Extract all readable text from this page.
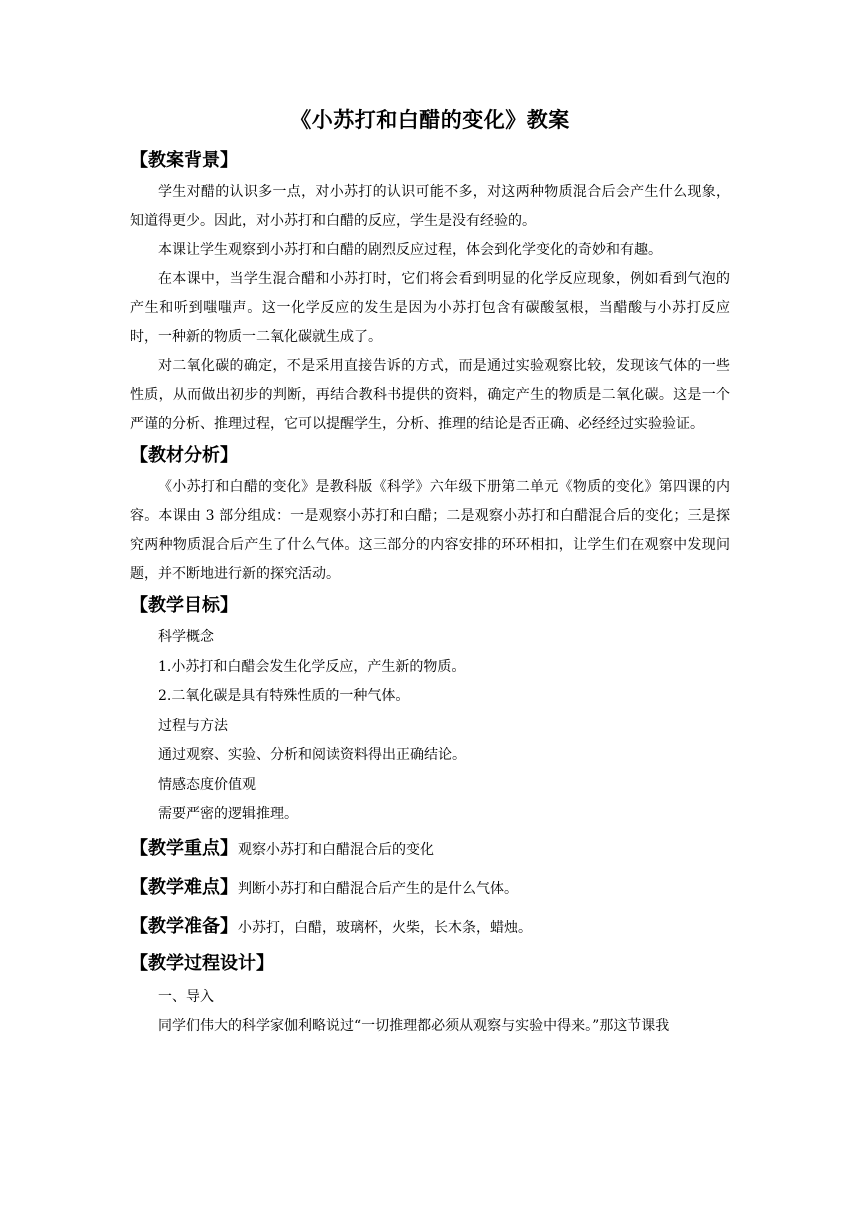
《小苏打和白醋的变化》教案
【教案背景】

学生对醋的认识多一点，对小苏打的认识可能不多，对这两种物质混合后会产生什么现象，知道得更少。因此，对小苏打和白醋的反应，学生是没有经验的。

本课让学生观察到小苏打和白醋的剧烈反应过程，体会到化学变化的奇妙和有趣。

在本课中，当学生混合醋和小苏打时，它们将会看到明显的化学反应现象，例如看到气泡的产生和听到嗤嗤声。这一化学反应的发生是因为小苏打包含有碳酸氢根，当醋酸与小苏打反应时，一种新的物质一二氧化碳就生成了。

对二氧化碳的确定，不是采用直接告诉的方式，而是通过实验观察比较，发现该气体的一些性质，从而做出初步的判断，再结合教科书提供的资料，确定产生的物质是二氧化碳。这是一个严谨的分析、推理过程，它可以提醒学生，分析、推理的结论是否正确、必经经过实验验证。

【教材分析】

《小苏打和白醋的变化》是教科版《科学》六年级下册第二单元《物质的变化》第四课的内容。本课由 3 部分组成：一是观察小苏打和白醋；二是观察小苏打和白醋混合后的变化；三是探究两种物质混合后产生了什么气体。这三部分的内容安排的环环相扣，让学生们在观察中发现问题，并不断地进行新的探究活动。

【教学目标】

科学概念

1.小苏打和白醋会发生化学反应，产生新的物质。

2.二氧化碳是具有特殊性质的一种气体。

过程与方法

通过观察、实验、分析和阅读资料得出正确结论。

情感态度价值观

需要严密的逻辑推理。

【教学重点】 观察小苏打和白醋混合后的变化
【教学难点】 判断小苏打和白醋混合后产生的是什么气体。
【教学准备】 小苏打，白醋，玻璃杯，火柴，长木条，蜡烛。
【教学过程设计】

一、导入

同学们伟大的科学家伽利略说过“一切推理都必须从观察与实验中得来。”那这节课我
